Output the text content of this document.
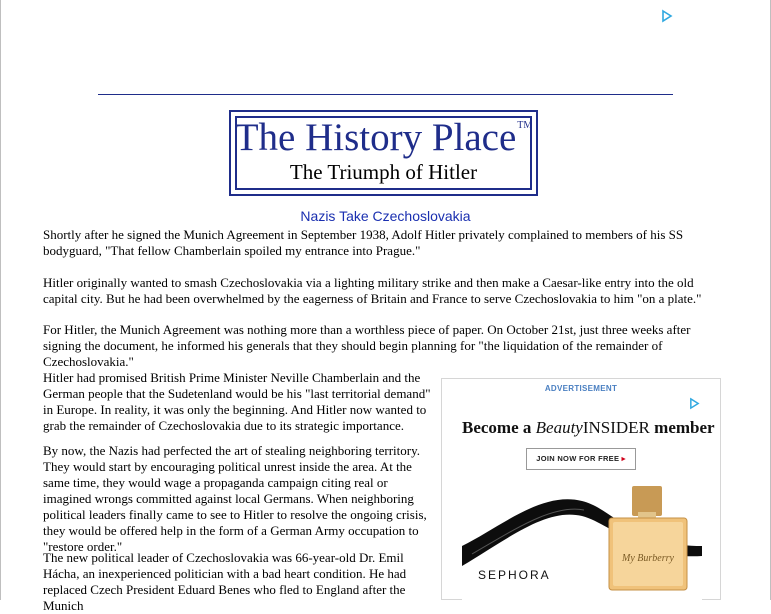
The History Place™
The Triumph of Hitler
Nazis Take Czechoslovakia

Shortly after he signed the Munich Agreement in September 1938, Adolf Hitler privately complained to members of his SS bodyguard, "That fellow Chamberlain spoiled my entrance into Prague."

Hitler originally wanted to smash Czechoslovakia via a lighting military strike and then make a Caesar-like entry into the old capital city. But he had been overwhelmed by the eagerness of Britain and France to serve Czechoslovakia to him "on a plate."

For Hitler, the Munich Agreement was nothing more than a worthless piece of paper. On October 21st, just three weeks after signing the document, he informed his generals that they should begin planning for "the liquidation of the remainder of Czechoslovakia."

Hitler had promised British Prime Minister Neville Chamberlain and the German people that the Sudetenland would be his "last territorial demand" in Europe. In reality, it was only the beginning. And Hitler now wanted to grab the remainder of Czechoslovakia due to its strategic importance.

By now, the Nazis had perfected the art of stealing neighboring territory. They would start by encouraging political unrest inside the area. At the same time, they would wage a propaganda campaign citing real or imagined wrongs committed against local Germans. When neighboring political leaders finally came to see to Hitler to resolve the ongoing crisis, they would be offered help in the form of a German Army occupation to "restore order."

The new political leader of Czechoslovakia was 66-year-old Dr. Emil Hácha, an inexperienced politician with a bad heart condition. He had replaced Czech President Eduard Benes who fled to England after the Munich

ADVERTISEMENT
Become a BeautyINSIDER member
JOIN NOW FOR FREE ▸
My Burberry
SEPHORA
